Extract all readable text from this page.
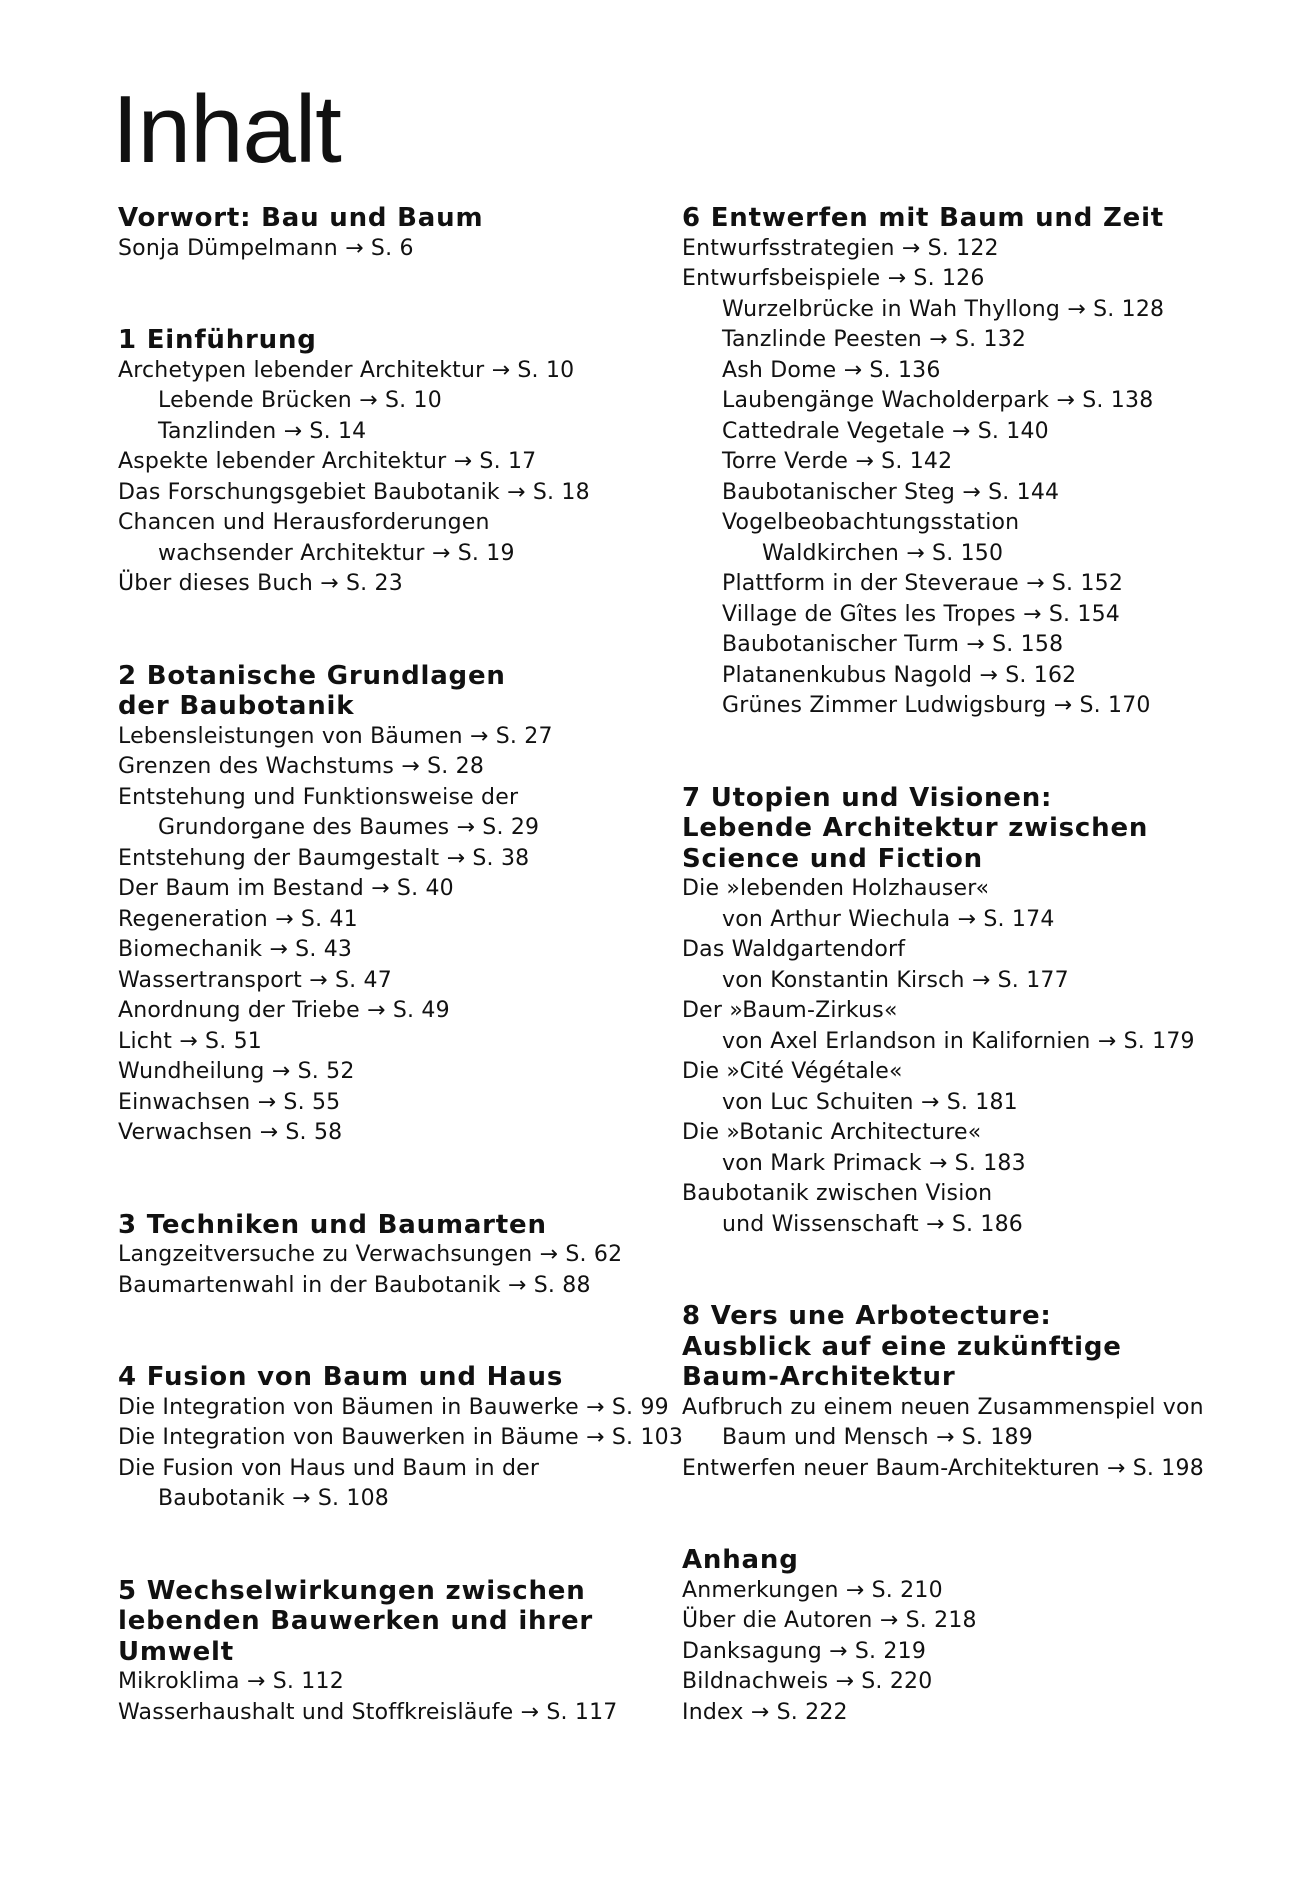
Inhalt
Vorwort: Bau und Baum
Sonja Dümpelmann → S. 6
1 Einführung
Archetypen lebender Architektur → S. 10
Lebende Brücken → S. 10
Tanzlinden → S. 14
Aspekte lebender Architektur → S. 17
Das Forschungsgebiet Baubotanik → S. 18
Chancen und Herausforderungen
wachsender Architektur → S. 19
Über dieses Buch → S. 23
2 Botanische Grundlagen
der Baubotanik
Lebensleistungen von Bäumen → S. 27
Grenzen des Wachstums → S. 28
Entstehung und Funktionsweise der
Grundorgane des Baumes → S. 29
Entstehung der Baumgestalt → S. 38
Der Baum im Bestand → S. 40
Regeneration → S. 41
Biomechanik → S. 43
Wassertransport → S. 47
Anordnung der Triebe → S. 49
Licht → S. 51
Wundheilung → S. 52
Einwachsen → S. 55
Verwachsen → S. 58
3 Techniken und Baumarten
Langzeitversuche zu Verwachsungen → S. 62
Baumartenwahl in der Baubotanik → S. 88
4 Fusion von Baum und Haus
Die Integration von Bäumen in Bauwerke → S. 99
Die Integration von Bauwerken in Bäume → S. 103
Die Fusion von Haus und Baum in der
Baubotanik → S. 108
5 Wechselwirkungen zwischen
lebenden Bauwerken und ihrer
Umwelt
Mikroklima → S. 112
Wasserhaushalt und Stoffkreisläufe → S. 117
6 Entwerfen mit Baum und Zeit
Entwurfsstrategien → S. 122
Entwurfsbeispiele → S. 126
Wurzelbrücke in Wah Thyllong → S. 128
Tanzlinde Peesten → S. 132
Ash Dome → S. 136
Laubengänge Wacholderpark → S. 138
Cattedrale Vegetale → S. 140
Torre Verde → S. 142
Baubotanischer Steg → S. 144
Vogelbeobachtungsstation
Waldkirchen → S. 150
Plattform in der Steveraue → S. 152
Village de Gîtes les Tropes → S. 154
Baubotanischer Turm → S. 158
Platanenkubus Nagold → S. 162
Grünes Zimmer Ludwigsburg → S. 170
7 Utopien und Visionen:
Lebende Architektur zwischen
Science und Fiction
Die »lebenden Holzhauser«
von Arthur Wiechula → S. 174
Das Waldgartendorf
von Konstantin Kirsch → S. 177
Der »Baum-Zirkus«
von Axel Erlandson in Kalifornien → S. 179
Die »Cité Végétale«
von Luc Schuiten → S. 181
Die »Botanic Architecture«
von Mark Primack → S. 183
Baubotanik zwischen Vision
und Wissenschaft → S. 186
8 Vers une Arbotecture:
Ausblick auf eine zukünftige
Baum-Architektur
Aufbruch zu einem neuen Zusammenspiel von
Baum und Mensch → S. 189
Entwerfen neuer Baum-Architekturen → S. 198
Anhang
Anmerkungen → S. 210
Über die Autoren → S. 218
Danksagung → S. 219
Bildnachweis → S. 220
Index → S. 222
